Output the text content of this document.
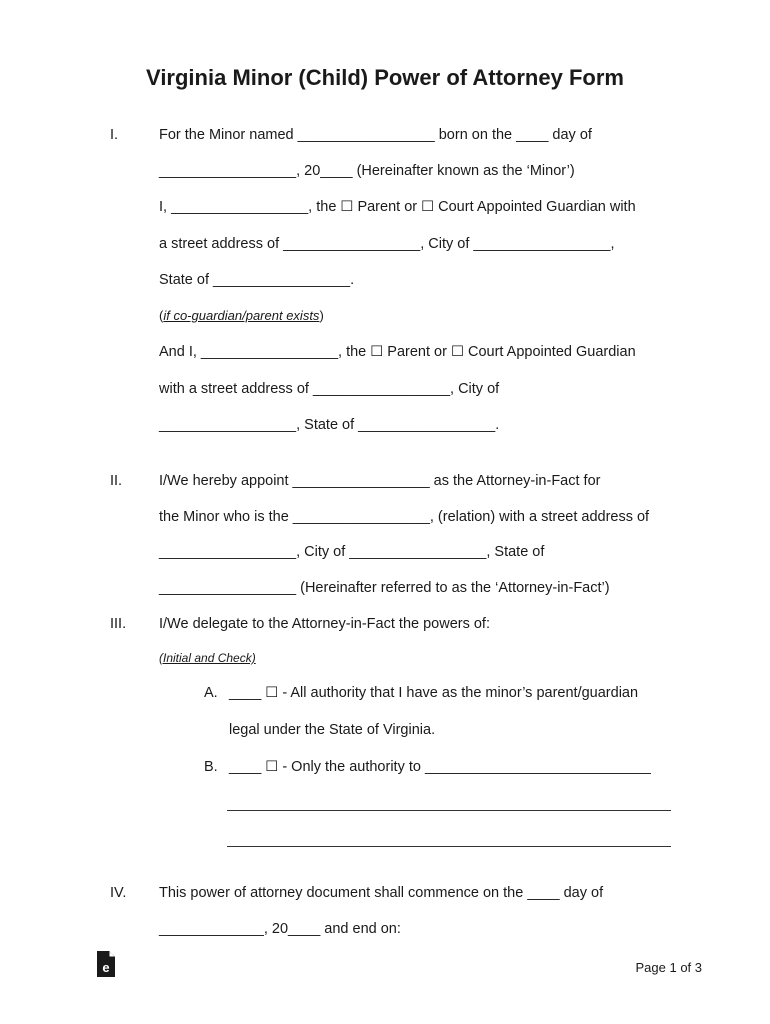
Virginia Minor (Child) Power of Attorney Form
I.	For the Minor named _________________ born on the ____ day of
_________________, 20____ (Hereinafter known as the ‘Minor’)
I, _________________, the ☐ Parent or ☐ Court Appointed Guardian with
a street address of _________________, City of _________________,
State of _________________.
(if co-guardian/parent exists)
And I, _________________, the ☐ Parent or ☐ Court Appointed Guardian
with a street address of _________________, City of
_________________, State of _________________.
II.	I/We hereby appoint _________________ as the Attorney-in-Fact for
the Minor who is the _________________, (relation) with a street address of
_________________, City of _________________, State of
_________________ (Hereinafter referred to as the ‘Attorney-in-Fact’)
III. I/We delegate to the Attorney-in-Fact the powers of:
(Initial and Check)
A. ____ ☐ - All authority that I have as the minor’s parent/guardian
legal under the State of Virginia.
B. ____ ☐ - Only the authority to ____________________________
IV. This power of attorney document shall commence on the ____ day of
_____________, 20____ and end on:
e	Page 1 of 3
